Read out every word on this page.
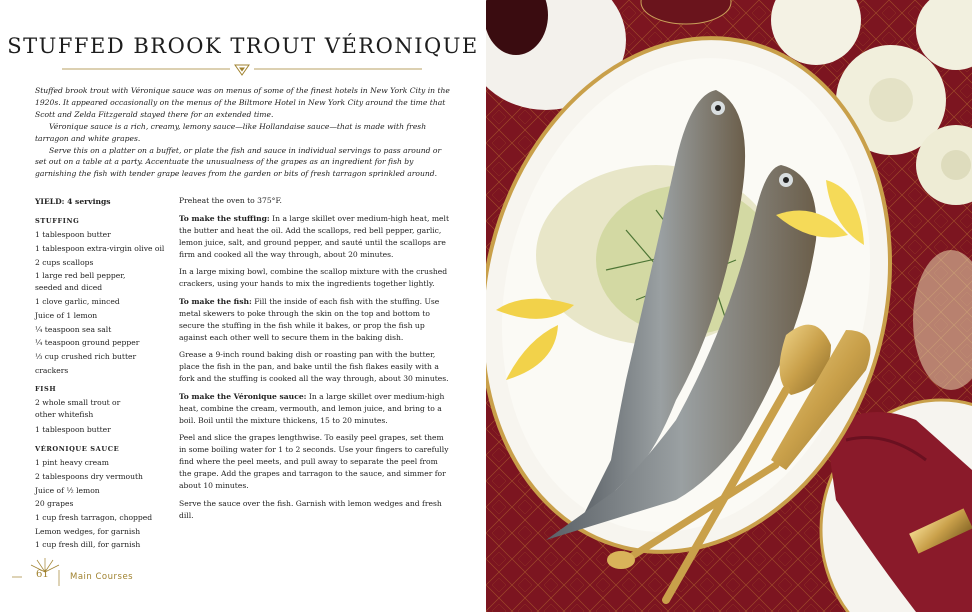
STUFFED BROOK TROUT VÉRONIQUE

Stuffed brook trout with Véronique sauce was on menus of some of the finest hotels in New York City in the 1920s. It appeared occasionally on the menus of the Biltmore Hotel in New York City around the time that Scott and Zelda Fitzgerald stayed there for an extended time.

Véronique sauce is a rich, creamy, lemony sauce—like Hollandaise sauce—that is made with fresh tarragon and white grapes.

Serve this on a platter on a buffet, or plate the fish and sauce in individual servings to pass around or set out on a table at a party. Accentuate the unusualness of the grapes as an ingredient for fish by garnishing the fish with tender grape leaves from the garden or bits of fresh tarragon sprinkled around.

YIELD: 4 servings
STUFFING
1 tablespoon butter
1 tablespoon extra-virgin olive oil
2 cups scallops
1 large red bell pepper, seeded and diced
1 clove garlic, minced
Juice of 1 lemon
¼ teaspoon sea salt
¼ teaspoon ground pepper
⅓ cup crushed rich butter crackers
FISH
2 whole small trout or other whitefish
1 tablespoon butter
VÉRONIQUE SAUCE
1 pint heavy cream
2 tablespoons dry vermouth
Juice of ½ lemon
20 grapes
1 cup fresh tarragon, chopped
Lemon wedges, for garnish
1 cup fresh dill, for garnish

Preheat the oven to 375°F.

To make the stuffing: In a large skillet over medium-high heat, melt the butter and heat the oil. Add the scallops, red bell pepper, garlic, lemon juice, salt, and ground pepper, and sauté until the scallops are firm and cooked all the way through, about 20 minutes.

In a large mixing bowl, combine the scallop mixture with the crushed crackers, using your hands to mix the ingredients together lightly.

To make the fish: Fill the inside of each fish with the stuffing. Use metal skewers to poke through the skin on the top and bottom to secure the stuffing in the fish while it bakes, or prop the fish up against each other well to secure them in the baking dish.

Grease a 9-inch round baking dish or roasting pan with the butter, place the fish in the pan, and bake until the fish flakes easily with a fork and the stuffing is cooked all the way through, about 30 minutes.

To make the Véronique sauce: In a large skillet over medium-high heat, combine the cream, vermouth, and lemon juice, and bring to a boil. Boil until the mixture thickens, 15 to 20 minutes.

Peel and slice the grapes lengthwise. To easily peel grapes, set them in some boiling water for 1 to 2 seconds. Use your fingers to carefully find where the peel meets, and pull away to separate the peel from the grape. Add the grapes and tarragon to the sauce, and simmer for about 10 minutes.

Serve the sauce over the fish. Garnish with lemon wedges and fresh dill.

61	Main Courses
